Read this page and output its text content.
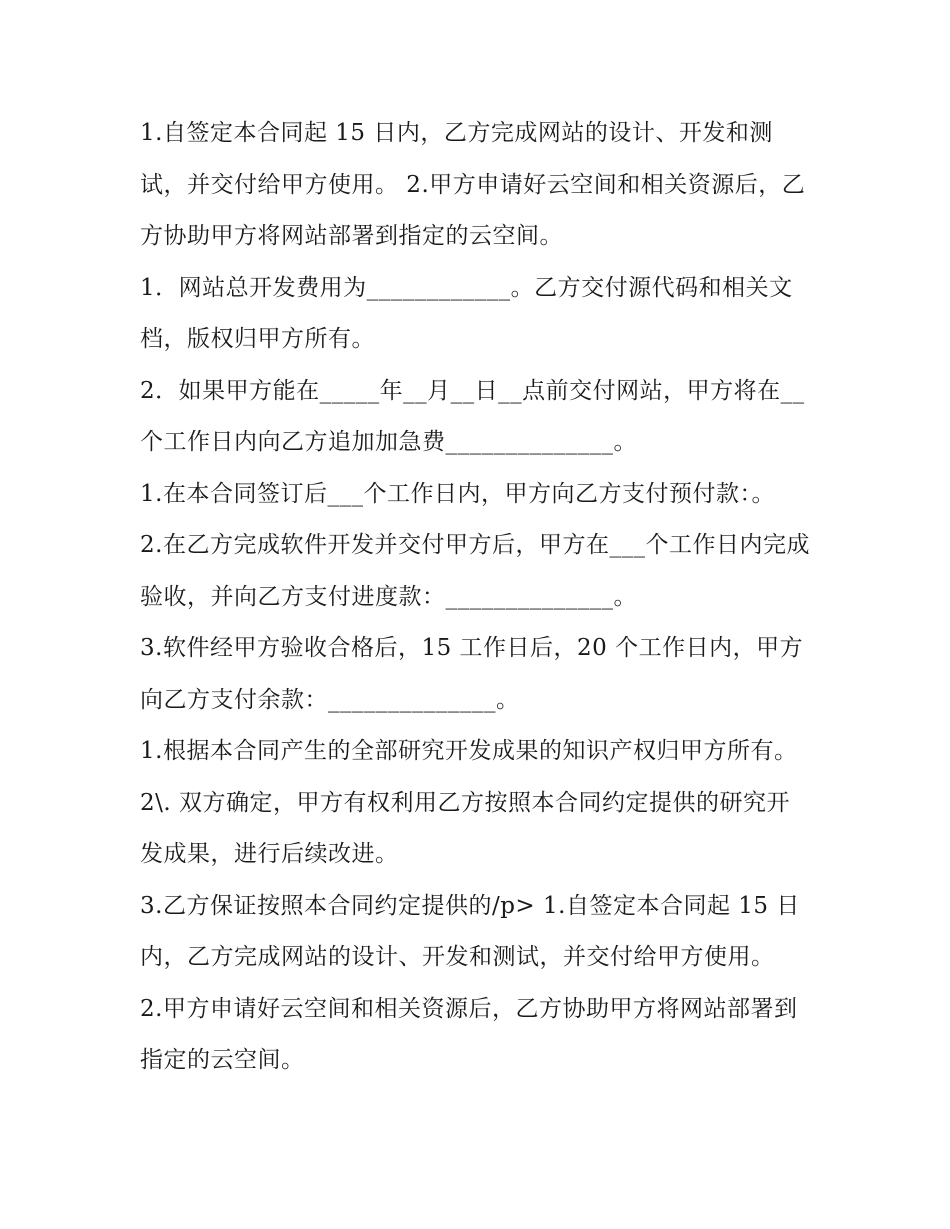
1.自签定本合同起 15 日内，乙方完成网站的设计、开发和测试，并交付给甲方使用。 2.甲方申请好云空间和相关资源后，乙方协助甲方将网站部署到指定的云空间。

1．网站总开发费用为____________。乙方交付源代码和相关文档，版权归甲方所有。

2．如果甲方能在_____年__月__日__点前交付网站，甲方将在__个工作日内向乙方追加加急费______________。

1.在本合同签订后___个工作日内，甲方向乙方支付预付款：。

2.在乙方完成软件开发并交付甲方后，甲方在___个工作日内完成验收，并向乙方支付进度款：______________。

3.软件经甲方验收合格后，15 工作日后，20 个工作日内，甲方向乙方支付余款：______________。

1.根据本合同产生的全部研究开发成果的知识产权归甲方所有。 2\. 双方确定，甲方有权利用乙方按照本合同约定提供的研究开发成果，进行后续改进。

3.乙方保证按照本合同约定提供的/p> 1.自签定本合同起 15 日内，乙方完成网站的设计、开发和测试，并交付给甲方使用。

2.甲方申请好云空间和相关资源后，乙方协助甲方将网站部署到指定的云空间。
